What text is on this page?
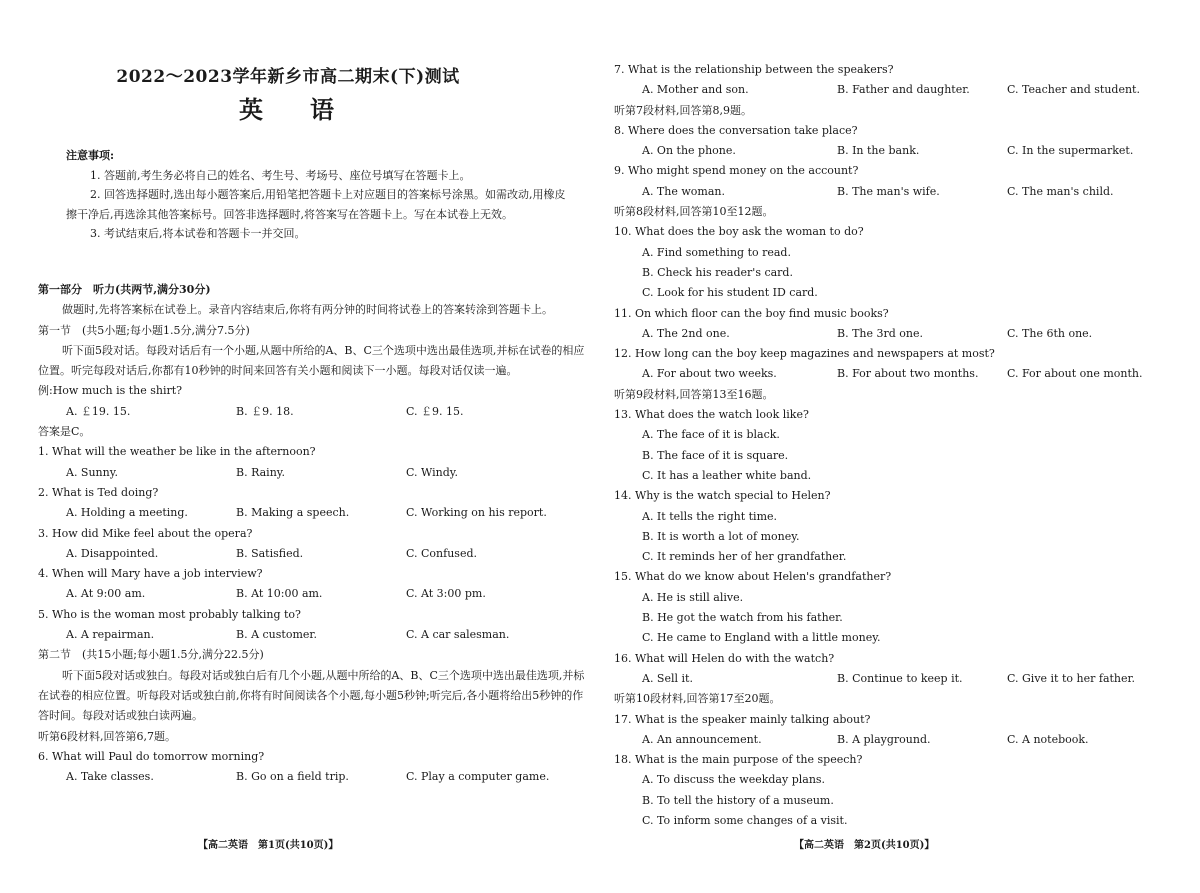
2022～2023学年新乡市高二期末(下)测试
英 语
注意事项:
1. 答题前,考生务必将自己的姓名、考生号、考场号、座位号填写在答题卡上。
2. 回答选择题时,选出每小题答案后,用铅笔把答题卡上对应题目的答案标号涂黑。如需改动,用橡皮擦干净后,再选涂其他答案标号。回答非选择题时,将答案写在答题卡上。写在本试卷上无效。
3. 考试结束后,将本试卷和答题卡一并交回。
第一部分　听力(共两节,满分30分)
做题时,先将答案标在试卷上。录音内容结束后,你将有两分钟的时间将试卷上的答案转涂到答题卡上。
第一节　(共5小题;每小题1.5分,满分7.5分)
听下面5段对话。每段对话后有一个小题,从题中所给的A、B、C三个选项中选出最佳选项,并标在试卷的相应位置。听完每段对话后,你都有10秒钟的时间来回答有关小题和阅读下一小题。每段对话仅读一遍。
例:How much is the shirt?
A. ￡19. 15.	B. ￡9. 18.	C. ￡9. 15.
答案是C。
1. What will the weather be like in the afternoon?
A. Sunny.	B. Rainy.	C. Windy.
2. What is Ted doing?
A. Holding a meeting.	B. Making a speech.	C. Working on his report.
3. How did Mike feel about the opera?
A. Disappointed.	B. Satisfied.	C. Confused.
4. When will Mary have a job interview?
A. At 9:00 am.	B. At 10:00 am.	C. At 3:00 pm.
5. Who is the woman most probably talking to?
A. A repairman.	B. A customer.	C. A car salesman.
第二节　(共15小题;每小题1.5分,满分22.5分)
听下面5段对话或独白。每段对话或独白后有几个小题,从题中所给的A、B、C三个选项中选出最佳选项,并标在试卷的相应位置。听每段对话或独白前,你将有时间阅读各个小题,每小题5秒钟;听完后,各小题将给出5秒钟的作答时间。每段对话或独白读两遍。
听第6段材料,回答第6,7题。
6. What will Paul do tomorrow morning?
A. Take classes.	B. Go on a field trip.	C. Play a computer game.
【高二英语　第1页(共10页)】
7. What is the relationship between the speakers?
A. Mother and son.	B. Father and daughter.	C. Teacher and student.
听第7段材料,回答第8,9题。
8. Where does the conversation take place?
A. On the phone.	B. In the bank.	C. In the supermarket.
9. Who might spend money on the account?
A. The woman.	B. The man's wife.	C. The man's child.
听第8段材料,回答第10至12题。
10. What does the boy ask the woman to do?
A. Find something to read.
B. Check his reader's card.
C. Look for his student ID card.
11. On which floor can the boy find music books?
A. The 2nd one.	B. The 3rd one.	C. The 6th one.
12. How long can the boy keep magazines and newspapers at most?
A. For about two weeks.	B. For about two months.	C. For about one month.
听第9段材料,回答第13至16题。
13. What does the watch look like?
A. The face of it is black.
B. The face of it is square.
C. It has a leather white band.
14. Why is the watch special to Helen?
A. It tells the right time.
B. It is worth a lot of money.
C. It reminds her of her grandfather.
15. What do we know about Helen's grandfather?
A. He is still alive.
B. He got the watch from his father.
C. He came to England with a little money.
16. What will Helen do with the watch?
A. Sell it.	B. Continue to keep it.	C. Give it to her father.
听第10段材料,回答第17至20题。
17. What is the speaker mainly talking about?
A. An announcement.	B. A playground.	C. A notebook.
18. What is the main purpose of the speech?
A. To discuss the weekday plans.
B. To tell the history of a museum.
C. To inform some changes of a visit.
【高二英语　第2页(共10页)】
